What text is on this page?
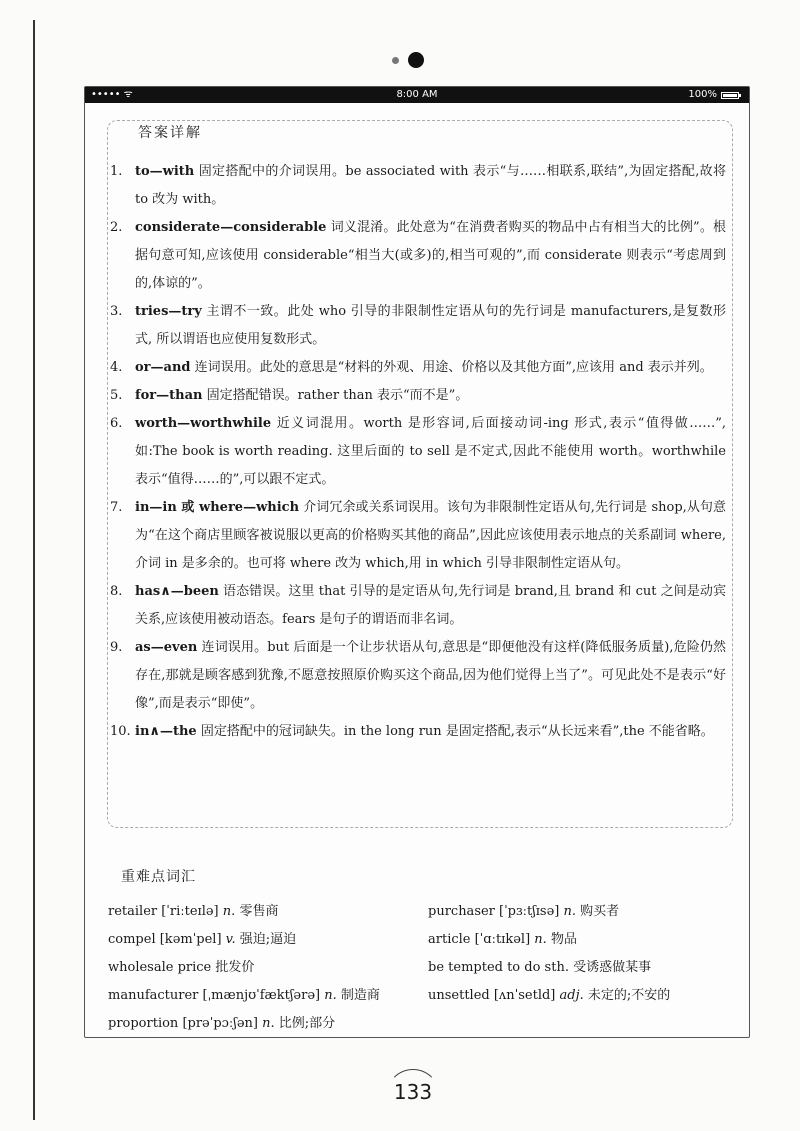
••••• ᯤ	8:00 AM	100%
答案详解
1. to—with 固定搭配中的介词误用。be associated with 表示“与……相联系,联结”,为固定搭配,故将 to 改为 with。
2. considerate—considerable 词义混淆。此处意为“在消费者购买的物品中占有相当大的比例”。根据句意可知,应该使用 considerable“相当大(或多)的,相当可观的”,而 considerate 则表示“考虑周到的,体谅的”。
3. tries—try 主谓不一致。此处 who 引导的非限制性定语从句的先行词是 manufacturers,是复数形式, 所以谓语也应使用复数形式。
4. or—and 连词误用。此处的意思是“材料的外观、用途、价格以及其他方面”,应该用 and 表示并列。
5. for—than 固定搭配错误。rather than 表示“而不是”。
6. worth—worthwhile 近义词混用。worth 是形容词,后面接动词-ing 形式,表示“值得做……”,如:The book is worth reading. 这里后面的 to sell 是不定式,因此不能使用 worth。worthwhile 表示“值得……的”,可以跟不定式。
7. in—in 或 where—which 介词冗余或关系词误用。该句为非限制性定语从句,先行词是 shop,从句意为“在这个商店里顾客被说服以更高的价格购买其他的商品”,因此应该使用表示地点的关系副词 where,介词 in 是多余的。也可将 where 改为 which,用 in which 引导非限制性定语从句。
8. has∧—been 语态错误。这里 that 引导的是定语从句,先行词是 brand,且 brand 和 cut 之间是动宾关系,应该使用被动语态。fears 是句子的谓语而非名词。
9. as—even 连词误用。but 后面是一个让步状语从句,意思是“即便他没有这样(降低服务质量),危险仍然存在,那就是顾客感到犹豫,不愿意按照原价购买这个商品,因为他们觉得上当了”。可见此处不是表示“好像”,而是表示“即使”。
10. in∧—the 固定搭配中的冠词缺失。in the long run 是固定搭配,表示“从长远来看”,the 不能省略。
重难点词汇
retailer [ˈriːteɪlə] n. 零售商	purchaser [ˈpɜːtʃɪsə] n. 购买者
compel [kəmˈpel] v. 强迫;逼迫	article [ˈɑːtɪkəl] n. 物品
wholesale price 批发价	be tempted to do sth. 受诱惑做某事
manufacturer [ˌmænjʊˈfæktʃərə] n. 制造商	unsettled [ʌnˈsetld] adj. 未定的;不安的
proportion [prəˈpɔːʃən] n. 比例;部分
133
